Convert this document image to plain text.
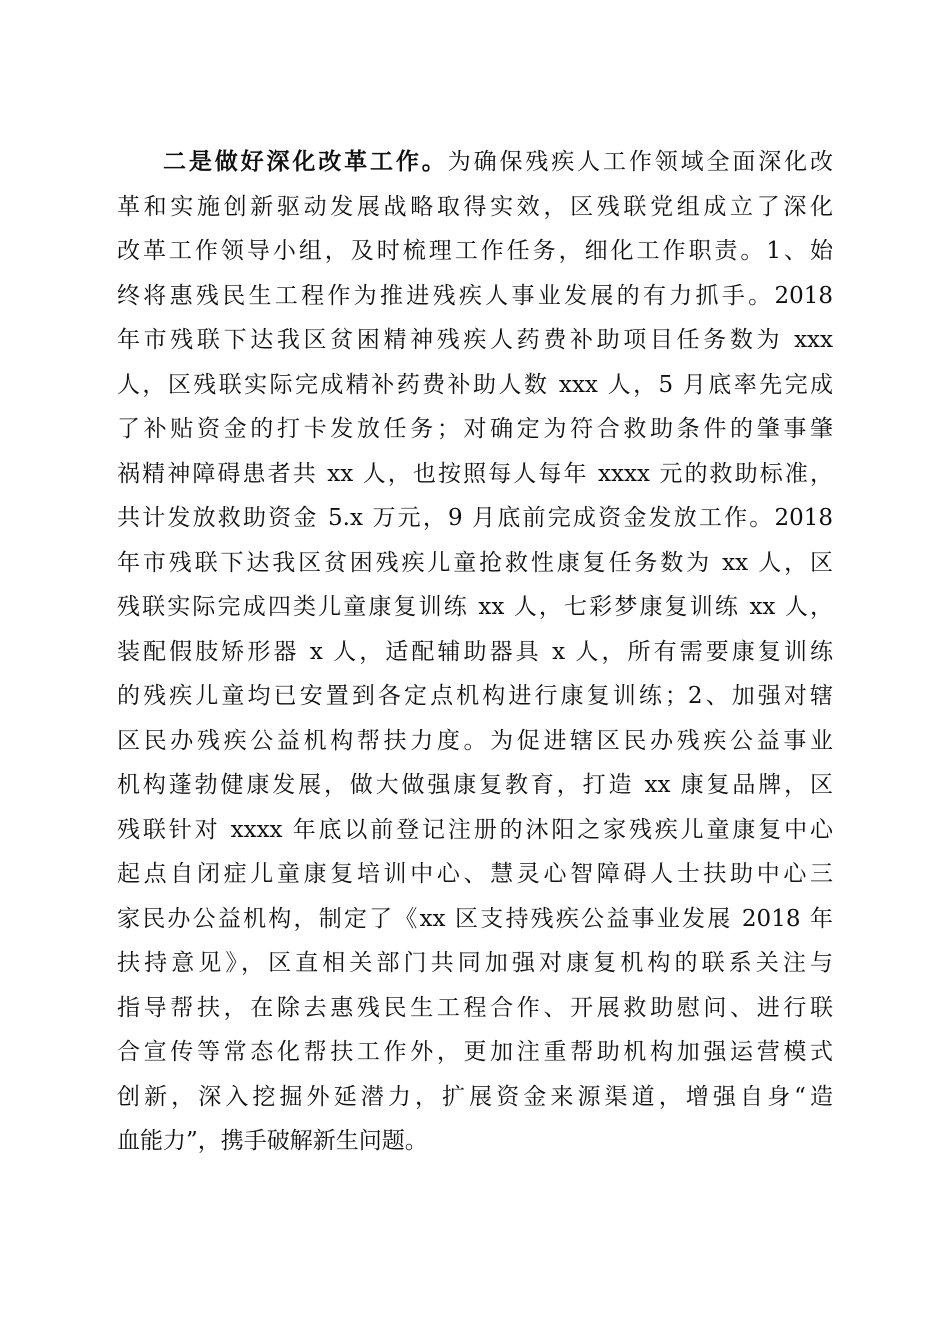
二是做好深化改革工作。为确保残疾人工作领域全面深化改
革和实施创新驱动发展战略取得实效，区残联党组成立了深化
改革工作领导小组，及时梳理工作任务，细化工作职责。1、始
终将惠残民生工程作为推进残疾人事业发展的有力抓手。2018
年市残联下达我区贫困精神残疾人药费补助项目任务数为 xxx
人，区残联实际完成精补药费补助人数 xxx 人，5 月底率先完成
了补贴资金的打卡发放任务；对确定为符合救助条件的肇事肇
祸精神障碍患者共 xx 人，也按照每人每年 xxxx 元的救助标准，
共计发放救助资金 5.x 万元，9 月底前完成资金发放工作。2018
年市残联下达我区贫困残疾儿童抢救性康复任务数为 xx 人，区
残联实际完成四类儿童康复训练 xx 人，七彩梦康复训练 xx 人，
装配假肢矫形器 x 人，适配辅助器具 x 人，所有需要康复训练
的残疾儿童均已安置到各定点机构进行康复训练；2、加强对辖
区民办残疾公益机构帮扶力度。为促进辖区民办残疾公益事业
机构蓬勃健康发展，做大做强康复教育，打造 xx 康复品牌，区
残联针对 xxxx 年底以前登记注册的沐阳之家残疾儿童康复中心
起点自闭症儿童康复培训中心、慧灵心智障碍人士扶助中心三
家民办公益机构，制定了《xx 区支持残疾公益事业发展 2018 年
扶持意见》，区直相关部门共同加强对康复机构的联系关注与
指导帮扶，在除去惠残民生工程合作、开展救助慰问、进行联
合宣传等常态化帮扶工作外，更加注重帮助机构加强运营模式
创新，深入挖掘外延潜力，扩展资金来源渠道，增强自身“造
血能力”，携手破解新生问题。
